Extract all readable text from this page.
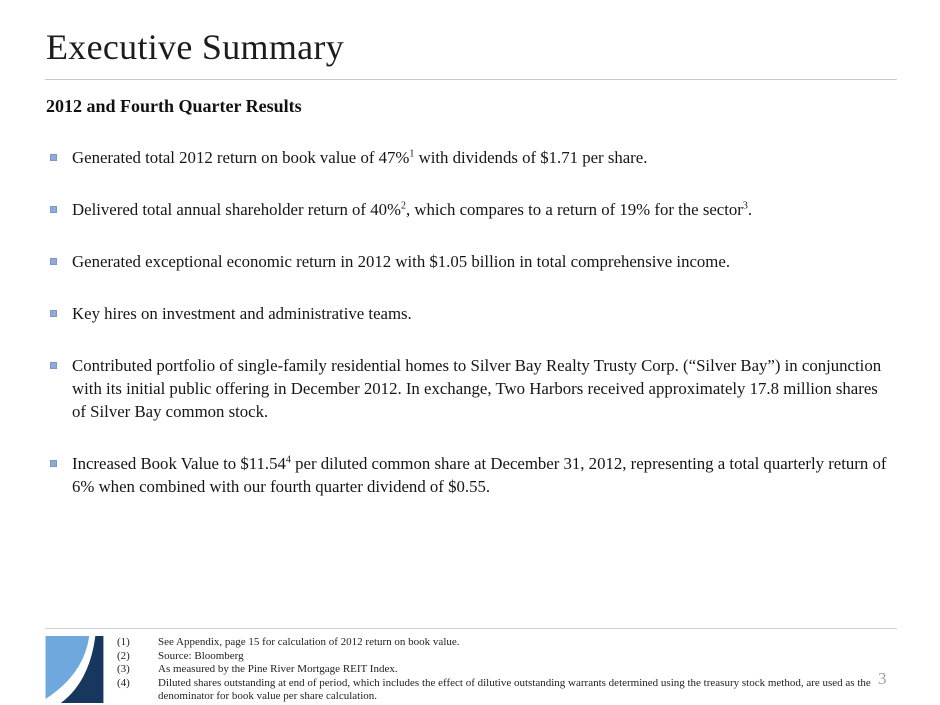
Executive Summary
2012 and Fourth Quarter Results

Generated total 2012 return on book value of 47%$^1$ with dividends of $1.71 per share.

Delivered total annual shareholder return of 40%$^2$, which compares to a return of 19% for the sector$^3$.

Generated exceptional economic return in 2012 with $1.05 billion in total comprehensive income.

Key hires on investment and administrative teams.

Contributed portfolio of single-family residential homes to Silver Bay Realty Trusty Corp. (“Silver Bay”) in conjunction with its initial public offering in December 2012. In exchange, Two Harbors received approximately 17.8 million shares of Silver Bay common stock.

Increased Book Value to $11.54$^4$ per diluted common share at December 31, 2012, representing a total quarterly return of 6% when combined with our fourth quarter dividend of $0.55.

(1)	See Appendix, page 15 for calculation of 2012 return on book value.
(2)	Source: Bloomberg
(3)	As measured by the Pine River Mortgage REIT Index.
(4)	Diluted shares outstanding at end of period, which includes the effect of dilutive outstanding warrants determined using the treasury stock method, are used as the denominator for book value per share calculation.
3
